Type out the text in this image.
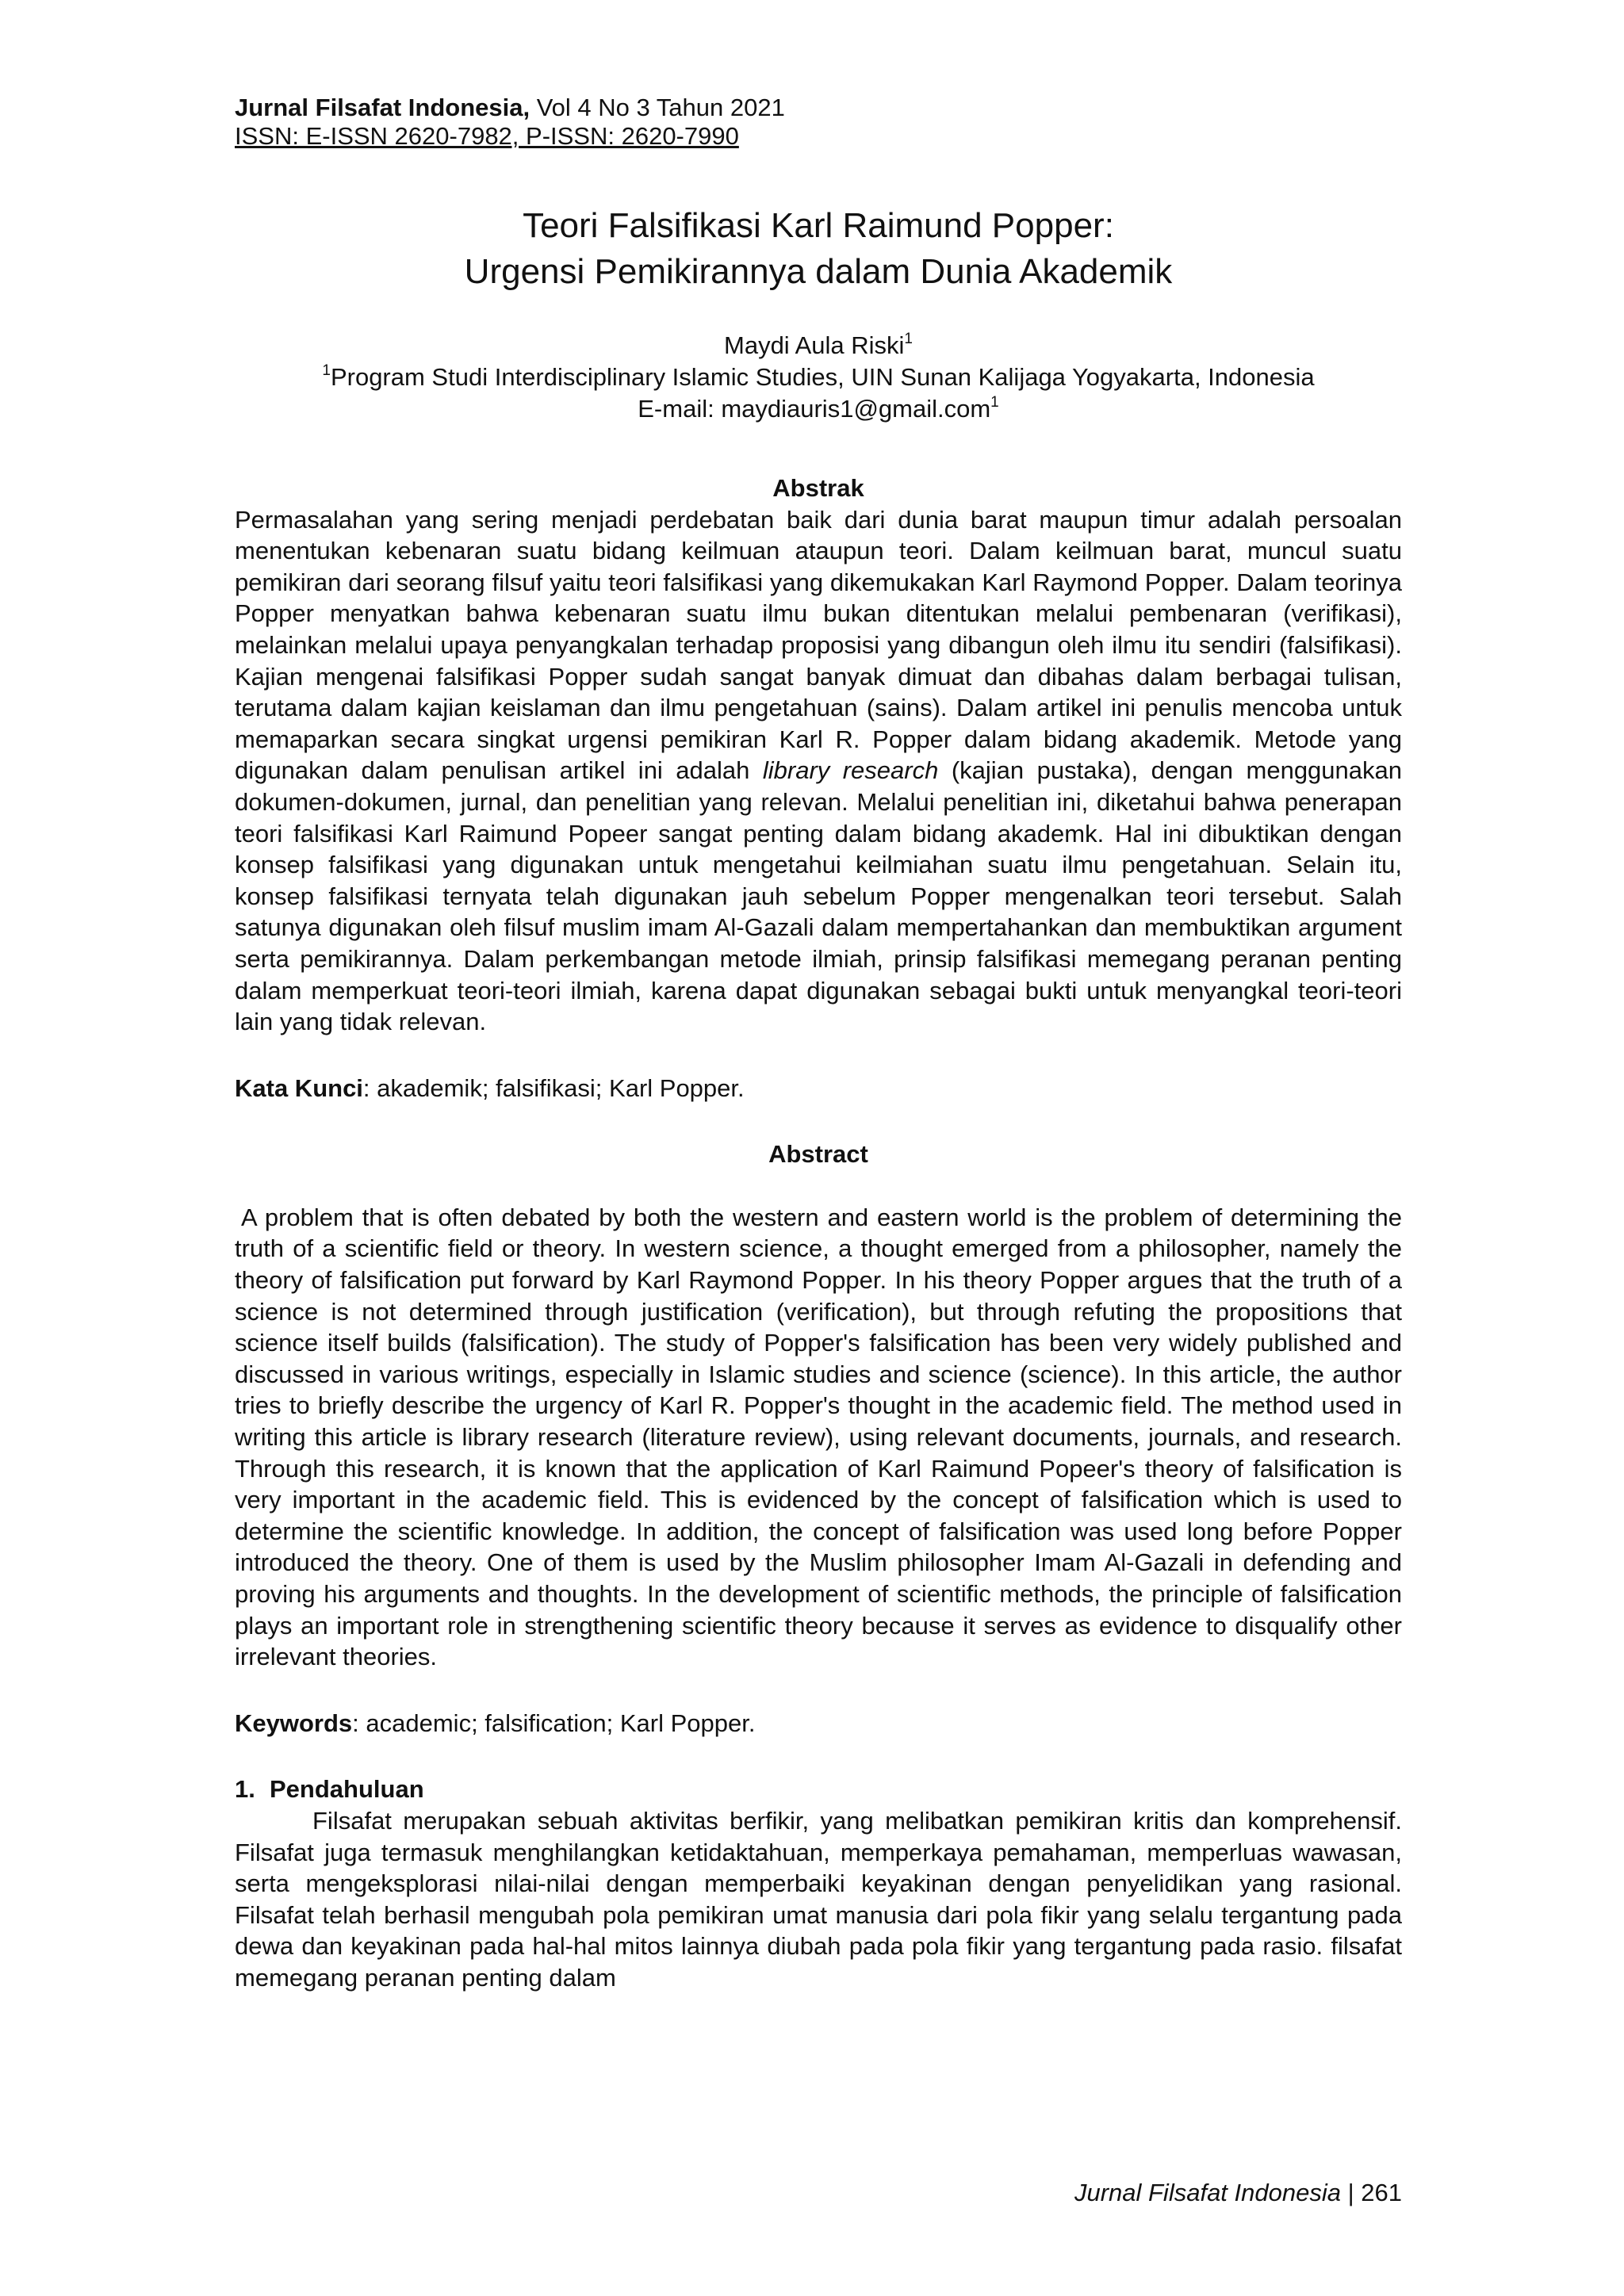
Jurnal Filsafat Indonesia, Vol 4 No 3 Tahun 2021

ISSN: E-ISSN 2620-7982, P-ISSN: 2620-7990

Teori Falsifikasi Karl Raimund Popper:
Urgensi Pemikirannya dalam Dunia Akademik
Maydi Aula Riski$^1$
$^1$Program Studi Interdisciplinary Islamic Studies, UIN Sunan Kalijaga Yogyakarta, Indonesia
E-mail: maydiauris1@gmail.com$^1$
Abstrak

Permasalahan yang sering menjadi perdebatan baik dari dunia barat maupun timur adalah persoalan menentukan kebenaran suatu bidang keilmuan ataupun teori. Dalam keilmuan barat, muncul suatu pemikiran dari seorang filsuf yaitu teori falsifikasi yang dikemukakan Karl Raymond Popper. Dalam teorinya Popper menyatkan bahwa kebenaran suatu ilmu bukan ditentukan melalui pembenaran (verifikasi), melainkan melalui upaya penyangkalan terhadap proposisi yang dibangun oleh ilmu itu sendiri (falsifikasi). Kajian mengenai falsifikasi Popper sudah sangat banyak dimuat dan dibahas dalam berbagai tulisan, terutama dalam kajian keislaman dan ilmu pengetahuan (sains). Dalam artikel ini penulis mencoba untuk memaparkan secara singkat urgensi pemikiran Karl R. Popper dalam bidang akademik. Metode yang digunakan dalam penulisan artikel ini adalah library research (kajian pustaka), dengan menggunakan dokumen-dokumen, jurnal, dan penelitian yang relevan. Melalui penelitian ini, diketahui bahwa penerapan teori falsifikasi Karl Raimund Popeer sangat penting dalam bidang akademk. Hal ini dibuktikan dengan konsep falsifikasi yang digunakan untuk mengetahui keilmiahan suatu ilmu pengetahuan. Selain itu, konsep falsifikasi ternyata telah digunakan jauh sebelum Popper mengenalkan teori tersebut. Salah satunya digunakan oleh filsuf muslim imam Al-Gazali dalam mempertahankan dan membuktikan argument serta pemikirannya. Dalam perkembangan metode ilmiah, prinsip falsifikasi memegang peranan penting dalam memperkuat teori-teori ilmiah, karena dapat digunakan sebagai bukti untuk menyangkal teori-teori lain yang tidak relevan.

Kata Kunci: akademik; falsifikasi; Karl Popper.

Abstract

A problem that is often debated by both the western and eastern world is the problem of determining the truth of a scientific field or theory. In western science, a thought emerged from a philosopher, namely the theory of falsification put forward by Karl Raymond Popper. In his theory Popper argues that the truth of a science is not determined through justification (verification), but through refuting the propositions that science itself builds (falsification). The study of Popper's falsification has been very widely published and discussed in various writings, especially in Islamic studies and science (science). In this article, the author tries to briefly describe the urgency of Karl R. Popper's thought in the academic field. The method used in writing this article is library research (literature review), using relevant documents, journals, and research. Through this research, it is known that the application of Karl Raimund Popeer's theory of falsification is very important in the academic field. This is evidenced by the concept of falsification which is used to determine the scientific knowledge. In addition, the concept of falsification was used long before Popper introduced the theory. One of them is used by the Muslim philosopher Imam Al-Gazali in defending and proving his arguments and thoughts. In the development of scientific methods, the principle of falsification plays an important role in strengthening scientific theory because it serves as evidence to disqualify other irrelevant theories.

Keywords: academic; falsification; Karl Popper.

1. Pendahuluan

Filsafat merupakan sebuah aktivitas berfikir, yang melibatkan pemikiran kritis dan komprehensif. Filsafat juga termasuk menghilangkan ketidaktahuan, memperkaya pemahaman, memperluas wawasan, serta mengeksplorasi nilai-nilai dengan memperbaiki keyakinan dengan penyelidikan yang rasional. Filsafat telah berhasil mengubah pola pemikiran umat manusia dari pola fikir yang selalu tergantung pada dewa dan keyakinan pada hal-hal mitos lainnya diubah pada pola fikir yang tergantung pada rasio. filsafat memegang peranan penting dalam

Jurnal Filsafat Indonesia | 261
